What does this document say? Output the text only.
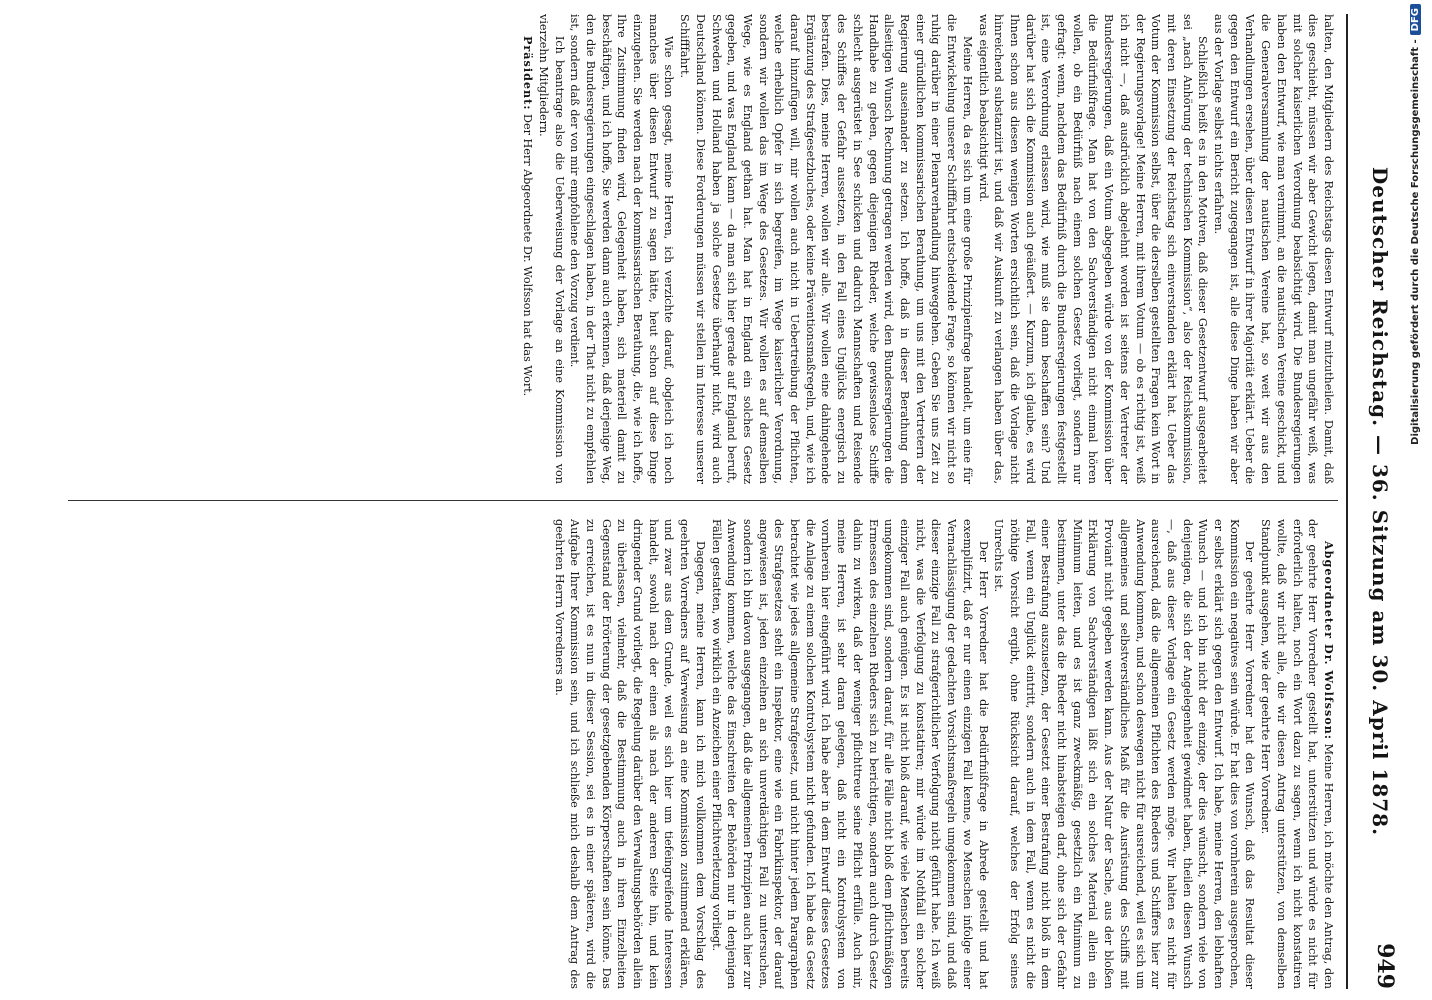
Deutscher Reichstag. — 36. Sitzung am 30. April 1878.
949

halten, den Mitgliedern des Reichstags diesen Entwurf mitzutheilen. Damit, daß dies geschieht, müssen wir aber Gewicht legen, damit man ungefähr weiß, was mit solcher kaiserlichen Verordnung beabsichtigt wird. Die Bundesregierungen haben den Entwurf, wie man vernimmt, an die nautischen Vereine geschickt, und die Generalversammlung der nautischen Vereine hat, so weit wir aus den Verhandlungen ersehen, über diesen Entwurf in ihrer Majorität erklärt. Ueber die gegen den Entwurf ein Bericht zugegangen ist, alle diese Dinge haben wir aber aus der Vorlage selbst nichts erfahren.

Schließlich heißt es in den Motiven, daß dieser Gesetzentwurf ausgearbeitet sei „nach Anhörung der technischen Kommission“, also der Reichskommission, mit deren Einsetzung der Reichstag sich einverstanden erklärt hat. Ueber das Votum der Kommission selbst, über die derselben gestellten Fragen kein Wort in der Regierungsvorlage! Meine Herren, mit ihrem Votum — ob es richtig ist, weiß ich nicht —, daß ausdrücklich abgelehnt worden ist seitens der Vertreter der Bundesregierungen, daß ein Votum abgegeben würde von der Kommission über die Bedürfnißfrage. Man hat von den Sachverständigen nicht einmal hören wollen, ob ein Bedürfniß nach einem solchen Gesetz vorliegt, sondern nur gefragt: wenn, nachdem das Bedürfniß durch die Bundesregierungen festgestellt ist, eine Verordnung erlassen wird, wie muß sie dann beschaffen sein? Und darüber hat sich die Kommission auch geäußert. — Kurzum, ich glaube, es wird Ihnen schon aus diesen wenigen Worten ersichtlich sein, daß die Vorlage nicht hinreichend substanziirt ist, und daß wir Auskunft zu verlangen haben über das, was eigentlich beabsichtigt wird.

Meine Herren, da es sich um eine große Prinzipienfrage handelt, um eine für die Entwickelung unserer Schifffahrt entscheidende Frage, so können wir nicht so ruhig darüber in einer Plenarverhandlung hinweggehen. Geben Sie uns Zeit zu einer gründlichen kommissarischen Berathung, um uns mit den Vertretern der Regierung auseinander zu setzen. Ich hoffe, daß in dieser Berathung dem allseitigen Wunsch Rechnung getragen werden wird, den Bundesregierungen die Handhabe zu geben, gegen diejenigen Rheder, welche gewissenlose Schiffe schlecht ausgerüstet in See schicken und dadurch Mannschaften und Reisende des Schiffes der Gefahr aussetzen, in den Fall eines Unglücks energisch zu bestrafen. Dies, meine Herren, wollen wir alle. Wir wollen eine dahingehende Ergänzung des Strafgesetzbuches, oder keine Präventionsmaßregeln, und, wie ich darauf hinzufügen will, mir wollen auch nicht in Uebertreibung der Pflichten, welche erheblich Opfer in sich begreifen, im Wege kaiserlicher Verordnung, sondern wir wollen das im Wege des Gesetzes. Wir wollen es auf demselben Wege, wie es England gethan hat. Man hat in England ein solches Gesetz gegeben, und was England kann — da man sich hier gerade auf England beruft, Schweden und Holland haben ja solche Gesetze überhaupt nicht, wird auch Deutschland können. Diese Forderungen müssen wir stellen im Interesse unserer Schifffahrt.

Wie schon gesagt, meine Herren, ich verzichte darauf, obgleich ich noch manches über diesen Entwurf zu sagen hätte, heut schon auf diese Dinge einzugehen. Sie werden nach der kommissarischen Berathung, die, wie ich hoffe, Ihre Zustimmung finden wird, Gelegenheit haben, sich materiell damit zu beschäftigen, und ich hoffe, Sie werden dann auch erkennen, daß derjenige Weg, den die Bundesregierungen eingeschlagen haben, in der That nicht zu empfehlen ist, sondern daß der von mir empfohlene den Vorzug verdient.

Ich beantrage also die Ueberweisung der Vorlage an eine Kommission von vierzehn Mitgliedern.

Präsident: Der Herr Abgeordnete Dr. Wolfsson hat das Wort.

Abgeordneter Dr. Wolfsson: Meine Herren, ich möchte den Antrag, den der geehrte Herr Vorredner gestellt hat, unterstützen und würde es nicht für erforderlich halten, noch ein Wort dazu zu sagen, wenn ich nicht konstatiren wollte, daß wir nicht alle, die wir diesen Antrag unterstützen, von demselben Standpunkt ausgehen, wie der geehrte Herr Vorredner.

Der geehrte Herr Vorredner hat den Wunsch, daß das Resultat dieser Kommission ein negatives sein würde. Er hat dies von vornherein ausgesprochen, er selbst erklärt sich gegen den Entwurf. Ich habe, meine Herren, den lebhaften Wunsch — und ich bin nicht der einzige, der dies wünscht, sondern viele von denjenigen, die sich der Angelegenheit gewidmet haben, theilen diesen Wunsch —, daß aus dieser Vorlage ein Gesetz werden möge. Wir halten es nicht für ausreichend, daß die allgemeinen Pflichten des Rheders und Schiffers hier zur Anwendung kommen, und schon deswegen nicht für ausreichend, weil es sich um allgemeines und selbstverständliches Maß für die Ausrüstung des Schiffs mit Proviant nicht gegeben werden kann. Aus der Natur der Sache, aus der bloßen Erklärung von Sachverständigen läßt sich ein solches Material allein ein Minimum leiten, und es ist ganz zweckmäßig, gesetzlich ein Minimum zu bestimmen, unter das die Rheder nicht hinabsteigen darf, ohne sich der Gefahr einer Bestrafung auszusetzen, der Gesetzt einer Bestrafung nicht bloß in dem Fall, wenn ein Unglück eintritt, sondern auch in dem Fall, wenn es nicht die nöthige Vorsicht ergibt, ohne Rücksicht darauf, welches der Erfolg seines Unrechts ist.

Der Herr Vorredner hat die Bedürfnißfrage in Abrede gestellt und hat exemplifizirt, daß er nur einen einzigen Fall kenne, wo Menschen infolge einer Vernachlässigung der gedachten Vorsichtsmaßregeln umgekommen sind, und daß dieser einzige Fall zu strafgerichtlicher Verfolgung nicht geführt habe. Ich weiß nicht, was die Verfolgung zu konstatiren; mir würde im Nothfall ein solcher einziger Fall auch genügen. Es ist nicht bloß darauf, wie viele Menschen bereits umgekommen sind, sondern darauf, für alle Fälle nicht bloß dem pflichtmäßigen Ermessen des einzelnen Rheders sich zu berichtigen, sondern auch durch Gesetz dahin zu wirken, daß der weniger pflichttreue seine Pflicht erfülle. Auch mir, meine Herren, ist sehr daran gelegen, daß nicht ein Kontrolsystem von vornherein hier eingeführt wird. Ich habe aber in dem Entwurf dieses Gesetzes die Anlage zu einem solchen Kontrolsystem nicht gefunden. Ich habe das Gesetz betrachtet wie jedes allgemeine Strafgesetz, und nicht hinter jedem Paragraphen des Strafgesetzes steht ein Inspektor, eine wie ein Fabrikinspektor, der darauf angewiesen ist, jeden einzelnen an sich unverdächtigen Fall zu untersuchen, sondern ich bin davon ausgegangen, daß die allgemeinen Prinzipien auch hier zur Anwendung kommen, welche das Einschreiten der Behörden nur in denjenigen Fällen gestatten, wo wirklich ein Anzeichen einer Pflichtverletzung vorliegt.

Dagegen, meine Herren, kann ich mich vollkommen dem Vorschlag des geehrten Vorredners auf Verweisung an eine Kommission zustimmend erklären, und zwar aus dem Grunde, weil es sich hier um tiefeingreifende Interessen handelt, sowohl nach der einen als nach der anderen Seite hin, und kein dringender Grund vorliegt, die Regelung darüber den Verwaltungsbehörden allein zu überlassen, vielmehr, daß die Bestimmung auch in ihren Einzelheiten Gegenstand der Erörterung der gesetzgebenden Körperschaften sein könne. Das zu erreichen, ist es nun in dieser Session, sei es in einer späteren, wird die Aufgabe Ihrer Kommission sein, und ich schließe mich deshalb dem Antrag des geehrten Herrn Vorredners an.

Digitalisierung gefördert durch die Deutsche Forschungsgemeinschaft -DFG
